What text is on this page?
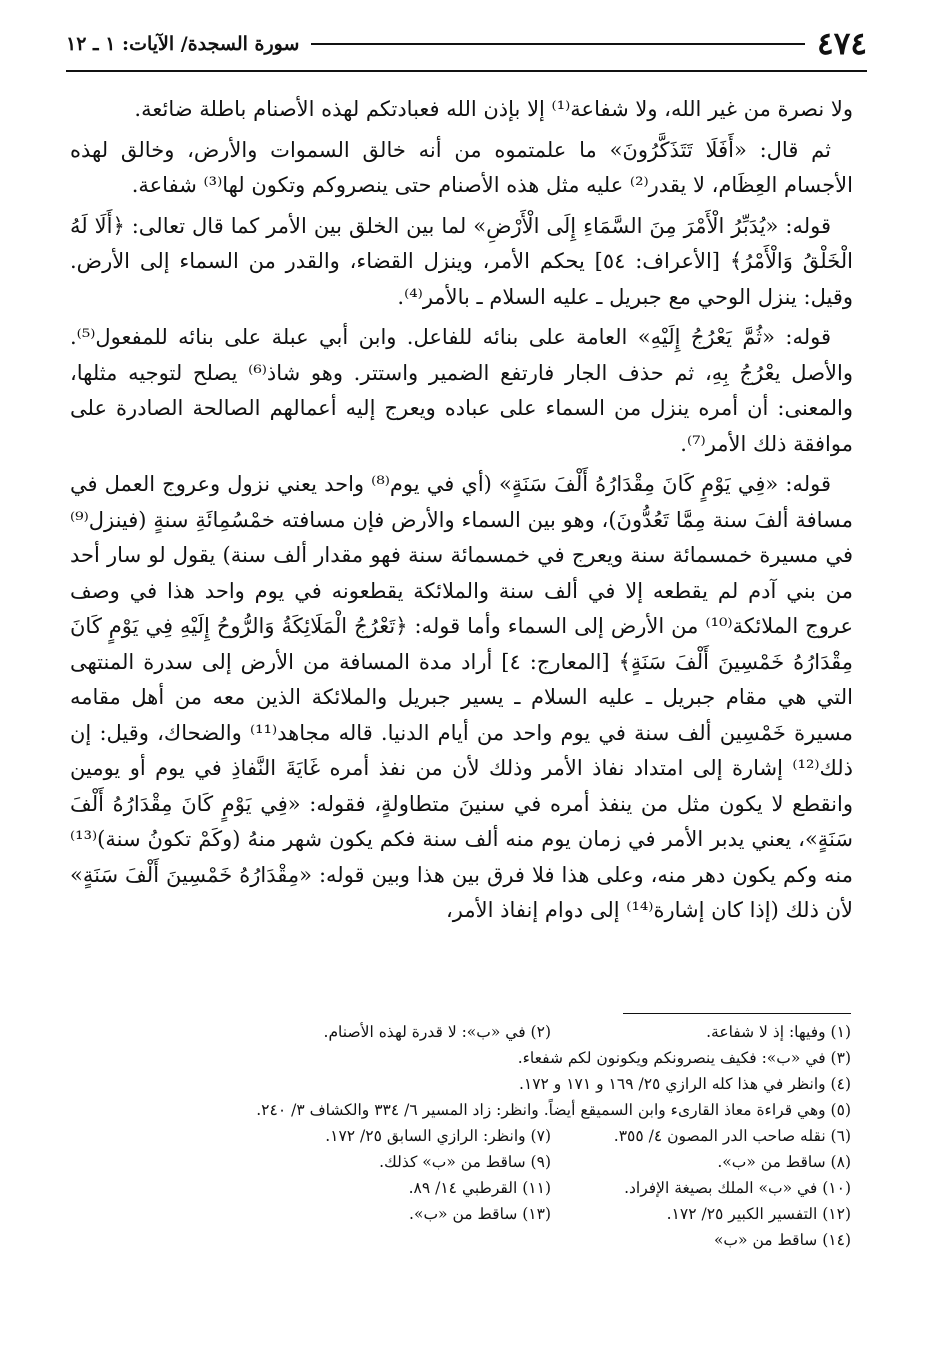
٤٧٤
سورة السجدة/ الآيات: ١ ـ ١٢

ولا نصرة من غير الله، ولا شفاعة⁽¹⁾ إلا بإذن الله فعبادتكم لهذه الأصنام باطلة ضائعة.

ثم قال: «أَفَلَا تَتَذَكَّرُونَ» ما علمتموه من أنه خالق السموات والأرض، وخالق لهذه الأجسام العِظَام، لا يقدر⁽²⁾ عليه مثل هذه الأصنام حتى ينصروكم وتكون لها⁽³⁾ شفاعة.

قوله: «يُدَبِّرُ الْأَمْرَ مِنَ السَّمَاءِ إِلَى الْأَرْضِ» لما بين الخلق بين الأمر كما قال تعالى: ﴿أَلَا لَهُ الْخَلْقُ وَالْأَمْرُ﴾ [الأعراف: ٥٤] يحكم الأمر، وينزل القضاء، والقدر من السماء إلى الأرض. وقيل: ينزل الوحي مع جبريل ـ عليه السلام ـ بالأمر⁽⁴⁾.

قوله: «ثُمَّ يَعْرُجُ إِلَيْهِ» العامة على بنائه للفاعل. وابن أبي عبلة على بنائه للمفعول⁽⁵⁾. والأصل يعْرُجُ بِهِ، ثم حذف الجار فارتفع الضمير واستتر. وهو شاذ⁽⁶⁾ يصلح لتوجيه مثلها، والمعنى: أن أمره ينزل من السماء على عباده ويعرج إليه أعمالهم الصالحة الصادرة على موافقة ذلك الأمر⁽⁷⁾.

قوله: «فِي يَوْمٍ كَانَ مِقْدَارُهُ أَلْفَ سَنَةٍ» (أي في يوم⁽⁸⁾ واحد يعني نزول وعروج العمل في مسافة ألفَ سنة مِمَّا تَعُدُّونَ)، وهو بين السماء والأرض فإن مسافته خمْسُمِائَةِ سنةٍ (فينزل⁽⁹⁾ في مسيرة خمسمائة سنة ويعرج في خمسمائة سنة فهو مقدار ألف سنة) يقول لو سار أحد من بني آدم لم يقطعه إلا في ألف سنة والملائكة يقطعونه في يوم واحد هذا في وصف عروج الملائكة⁽¹⁰⁾ من الأرض إلى السماء وأما قوله: ﴿تَعْرُجُ الْمَلَائِكَةُ وَالرُّوحُ إِلَيْهِ فِي يَوْمٍ كَانَ مِقْدَارُهُ خَمْسِينَ أَلْفَ سَنَةٍ﴾ [المعارج: ٤] أراد مدة المسافة من الأرض إلى سدرة المنتهى التي هي مقام جبريل ـ عليه السلام ـ يسير جبريل والملائكة الذين معه من أهل مقامه مسيرة خَمْسِين ألف سنة في يوم واحد من أيام الدنيا. قاله مجاهد⁽¹¹⁾ والضحاك، وقيل: إن ذلك⁽¹²⁾ إشارة إلى امتداد نفاذ الأمر وذلك لأن من نفذ أمره غَايَةَ النَّفاذِ في يوم أو يومين وانقطع لا يكون مثل من ينفذ أمره في سنينَ متطاولةٍ، فقوله: «فِي يَوْمٍ كَانَ مِقْدَارُهُ أَلْفَ سَنَةٍ»، يعني يدبر الأمر في زمان يوم منه ألف سنة فكم يكون شهر منهُ (وكَمْ تكونُ سنة)⁽¹³⁾ منه وكم يكون دهر منه، وعلى هذا فلا فرق بين هذا وبين قوله: «مِقْدَارُهُ خَمْسِينَ أَلْفَ سَنَةٍ» لأن ذلك (إذا كان إشارة⁽¹⁴⁾ إلى دوام إنفاذ الأمر،

(١) وفيها: إذ لا شفاعة.
(٢) في «ب»: لا قدرة لهذه الأصنام.
(٣) في «ب»: فكيف ينصرونكم ويكونون لكم شفعاء.
(٤) وانظر في هذا كله الرازي ٢٥/ ١٦٩ و ١٧١ و ١٧٢.
(٥) وهي قراءة معاذ القارىء وابن السميقع أيضاً. وانظر: زاد المسير ٦/ ٣٣٤ والكشاف ٣/ ٢٤٠.
(٦) نقله صاحب الدر المصون ٤/ ٣٥٥.
(٧) وانظر: الرازي السابق ٢٥/ ١٧٢.
(٨) ساقط من «ب».
(٩) ساقط من «ب» كذلك.
(١٠) في «ب» الملك بصيغة الإفراد.
(١١) القرطبي ١٤/ ٨٩.
(١٢) التفسير الكبير ٢٥/ ١٧٢.
(١٣) ساقط من «ب».
(١٤) ساقط من «ب»
